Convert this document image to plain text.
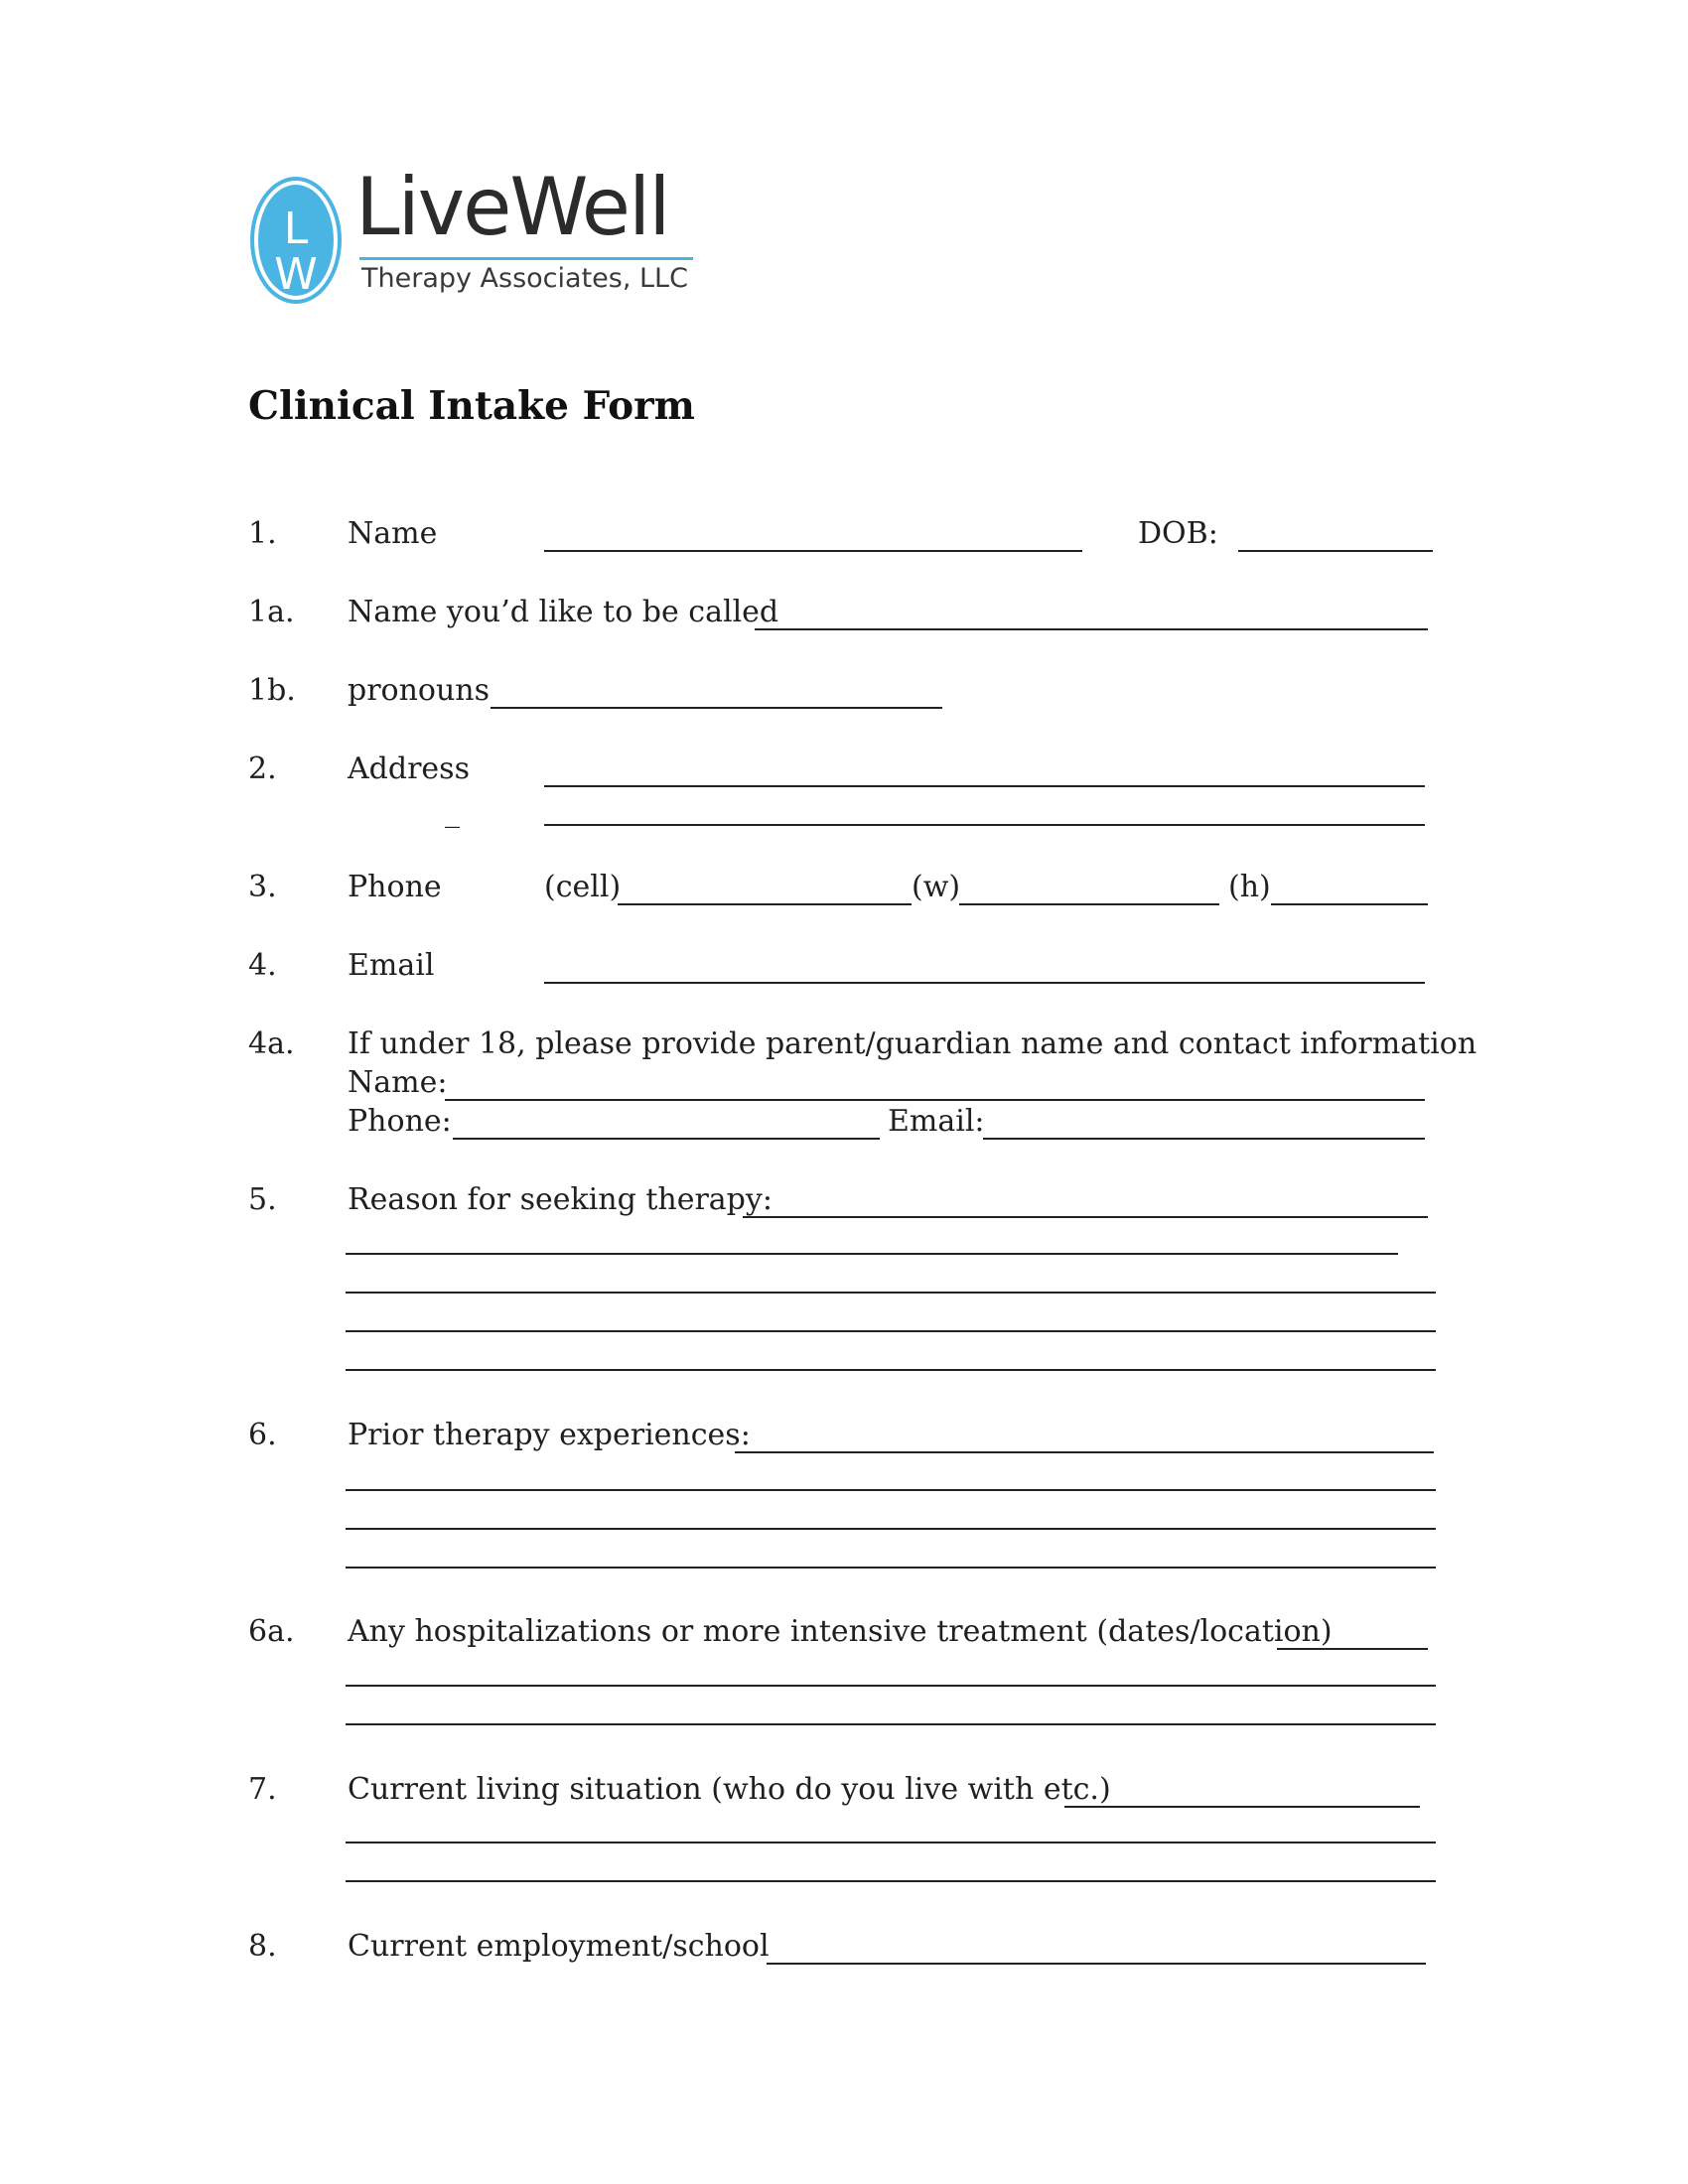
L
W
LiveWell
Therapy Associates, LLC
Clinical Intake Form
1. Name	DOB:
1a. Name you’d like to be called
1b. pronouns
2. Address
_
3. Phone	(cell)	(w)	(h)
4. Email
4a. If under 18, please provide parent/guardian name and contact information
Name:
Phone:	Email:
5. Reason for seeking therapy:
6. Prior therapy experiences:
6a. Any hospitalizations or more intensive treatment (dates/location)
7. Current living situation (who do you live with etc.)
8. Current employment/school
